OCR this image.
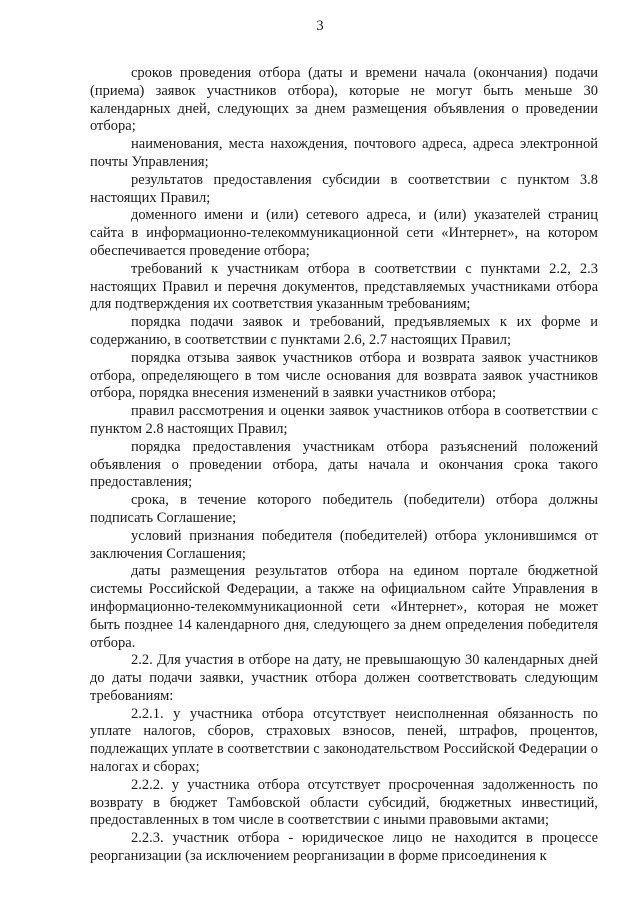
3

сроков проведения отбора (даты и времени начала (окончания) подачи (приема) заявок участников отбора), которые не могут быть меньше 30 календарных дней, следующих за днем размещения объявления о проведении отбора;

наименования, места нахождения, почтового адреса, адреса электронной почты Управления;

результатов предоставления субсидии в соответствии с пунктом 3.8 настоящих Правил;

доменного имени и (или) сетевого адреса, и (или) указателей страниц сайта в информационно-телекоммуникационной сети «Интернет», на котором обеспечивается проведение отбора;

требований к участникам отбора в соответствии с пунктами 2.2, 2.3 настоящих Правил и перечня документов, представляемых участниками отбора для подтверждения их соответствия указанным требованиям;

порядка подачи заявок и требований, предъявляемых к их форме и содержанию, в соответствии с пунктами 2.6, 2.7 настоящих Правил;

порядка отзыва заявок участников отбора и возврата заявок участников отбора, определяющего в том числе основания для возврата заявок участников отбора, порядка внесения изменений в заявки участников отбора;

правил рассмотрения и оценки заявок участников отбора в соответствии с пунктом 2.8 настоящих Правил;

порядка предоставления участникам отбора разъяснений положений объявления о проведении отбора, даты начала и окончания срока такого предоставления;

срока, в течение которого победитель (победители) отбора должны подписать Соглашение;

условий признания победителя (победителей) отбора уклонившимся от заключения Соглашения;

даты размещения результатов отбора на едином портале бюджетной системы Российской Федерации, а также на официальном сайте Управления в информационно-телекоммуникационной сети «Интернет», которая не может быть позднее 14 календарного дня, следующего за днем определения победителя отбора.

2.2. Для участия в отборе на дату, не превышающую 30 календарных дней до даты подачи заявки, участник отбора должен соответствовать следующим требованиям:

2.2.1. у участника отбора отсутствует неисполненная обязанность по уплате налогов, сборов, страховых взносов, пеней, штрафов, процентов, подлежащих уплате в соответствии с законодательством Российской Федерации о налогах и сборах;

2.2.2. у участника отбора отсутствует просроченная задолженность по возврату в бюджет Тамбовской области субсидий, бюджетных инвестиций, предоставленных в том числе в соответствии с иными правовыми актами;

2.2.3. участник отбора - юридическое лицо не находится в процессе реорганизации (за исключением реорганизации в форме присоединения к
